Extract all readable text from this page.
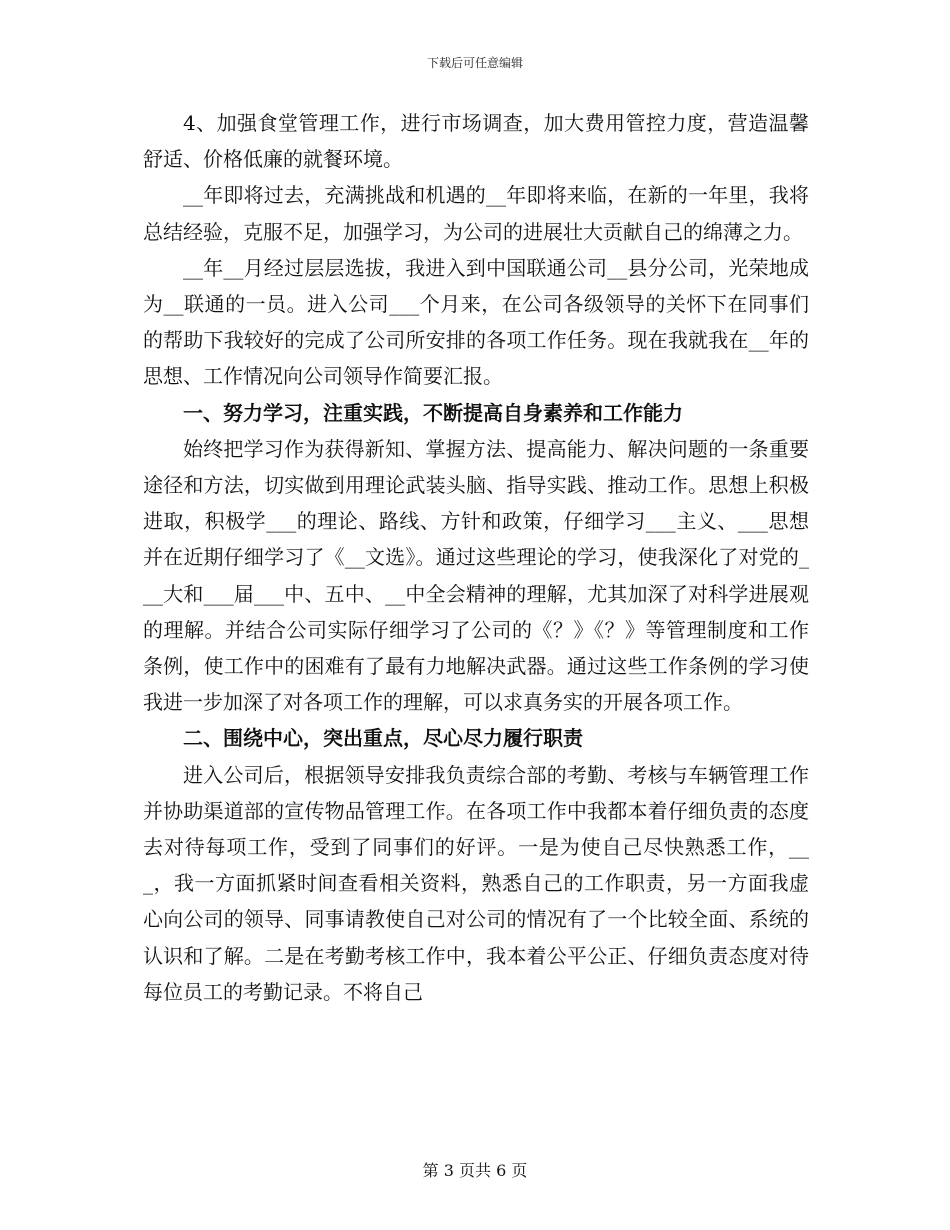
下载后可任意编辑

4、加强食堂管理工作，进行市场调查，加大费用管控力度，营造温馨舒适、价格低廉的就餐环境。

__年即将过去，充满挑战和机遇的__年即将来临，在新的一年里，我将总结经验，克服不足，加强学习，为公司的进展壮大贡献自己的绵薄之力。

__年__月经过层层选拔，我进入到中国联通公司__县分公司，光荣地成为__联通的一员。进入公司___个月来，在公司各级领导的关怀下在同事们的帮助下我较好的完成了公司所安排的各项工作任务。现在我就我在__年的思想、工作情况向公司领导作简要汇报。

一、努力学习，注重实践，不断提高自身素养和工作能力

始终把学习作为获得新知、掌握方法、提高能力、解决问题的一条重要途径和方法，切实做到用理论武装头脑、指导实践、推动工作。思想上积极进取，积极学___的理论、路线、方针和政策，仔细学习___主义、___思想并在近期仔细学习了《__文选》。通过这些理论的学习，使我深化了对党的___大和___届___中、五中、__中全会精神的理解，尤其加深了对科学进展观的理解。并结合公司实际仔细学习了公司的《？》《？》等管理制度和工作条例，使工作中的困难有了最有力地解决武器。通过这些工作条例的学习使我进一步加深了对各项工作的理解，可以求真务实的开展各项工作。

二、围绕中心，突出重点，尽心尽力履行职责

进入公司后，根据领导安排我负责综合部的考勤、考核与车辆管理工作并协助渠道部的宣传物品管理工作。在各项工作中我都本着仔细负责的态度去对待每项工作，受到了同事们的好评。一是为使自己尽快熟悉工作，___，我一方面抓紧时间查看相关资料，熟悉自己的工作职责，另一方面我虚心向公司的领导、同事请教使自己对公司的情况有了一个比较全面、系统的认识和了解。二是在考勤考核工作中，我本着公平公正、仔细负责态度对待每位员工的考勤记录。不将自己

第 3 页共 6 页
